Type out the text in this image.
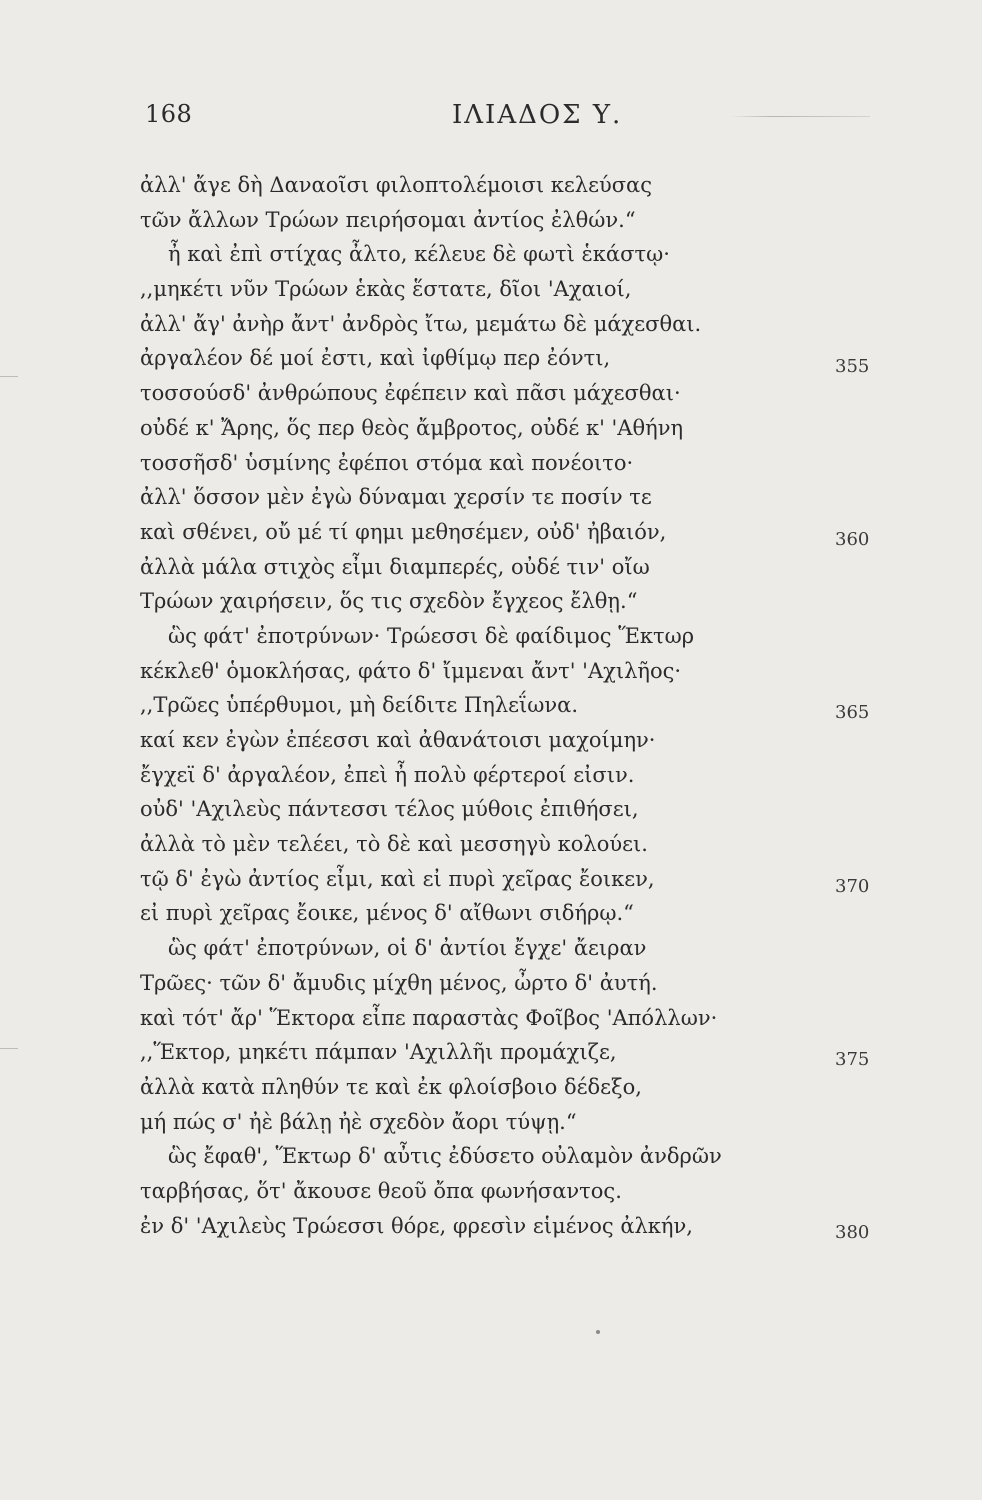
168	ΙΛΙΑΔΟΣ Υ.
ἀλλ' ἄγε δὴ Δαναοῖσι φιλοπτολέμοισι κελεύσας
τῶν ἄλλων Τρώων πειρήσομαι ἀντίος ἐλθών.“
ἦ καὶ ἐπὶ στίχας ἆλτο, κέλευε δὲ φωτὶ ἑκάστῳ·
,,μηκέτι νῦν Τρώων ἑκὰς ἕστατε, δῖοι 'Αχαιοί,
ἀλλ' ἄγ' ἀνὴρ ἄντ' ἀνδρὸς ἴτω, μεμάτω δὲ μάχεσθαι.
ἀργαλέον δέ μοί ἐστι, καὶ ἰφθίμῳ περ ἐόντι,
τοσσούσδ' ἀνθρώπους ἐφέπειν καὶ πᾶσι μάχεσθαι·
οὐδέ κ' Ἄρης, ὅς περ θεὸς ἄμβροτος, οὐδέ κ' 'Αθήνη
τοσσῆσδ' ὑσμίνης ἐφέποι στόμα καὶ πονέοιτο·
ἀλλ' ὅσσον μὲν ἐγὼ δύναμαι χερσίν τε ποσίν τε
καὶ σθένει, οὔ μέ τί φημι μεθησέμεν, οὐδ' ἠβαιόν,
ἀλλὰ μάλα στιχὸς εἶμι διαμπερές, οὐδέ τιν' οἴω
Τρώων χαιρήσειν, ὅς τις σχεδὸν ἔγχεος ἔλθῃ.“
ὣς φάτ' ἐποτρύνων· Τρώεσσι δὲ φαίδιμος Ἕκτωρ
κέκλεθ' ὁμοκλήσας, φάτο δ' ἴμμεναι ἄντ' 'Αχιλῆος·
,,Τρῶες ὑπέρθυμοι, μὴ δείδιτε Πηλεΐωνα.
καί κεν ἐγὼν ἐπέεσσι καὶ ἀθανάτοισι μαχοίμην·
ἔγχεϊ δ' ἀργαλέον, ἐπεὶ ἦ πολὺ φέρτεροί εἰσιν.
οὐδ' 'Αχιλεὺς πάντεσσι τέλος μύθοις ἐπιθήσει,
ἀλλὰ τὸ μὲν τελέει, τὸ δὲ καὶ μεσσηγὺ κολούει.
τῷ δ' ἐγὼ ἀντίος εἶμι, καὶ εἰ πυρὶ χεῖρας ἔοικεν,
εἰ πυρὶ χεῖρας ἔοικε, μένος δ' αἴθωνι σιδήρῳ.“
ὣς φάτ' ἐποτρύνων, οἱ δ' ἀντίοι ἔγχε' ἄειραν
Τρῶες· τῶν δ' ἄμυδις μίχθη μένος, ὦρτο δ' ἀυτή.
καὶ τότ' ἄρ' Ἕκτορα εἶπε παραστὰς Φοῖβος 'Απόλλων·
,,Ἕκτορ, μηκέτι πάμπαν 'Αχιλλῆι προμάχιζε,
ἀλλὰ κατὰ πληθύν τε καὶ ἐκ φλοίσβοιο δέδεξο,
μή πώς σ' ἠὲ βάλῃ ἠὲ σχεδὸν ἄορι τύψῃ.“
ὣς ἔφαθ', Ἕκτωρ δ' αὖτις ἐδύσετο οὐλαμὸν ἀνδρῶν
ταρβήσας, ὅτ' ἄκουσε θεοῦ ὄπα φωνήσαντος.
ἐν δ' 'Αχιλεὺς Τρώεσσι θόρε, φρεσὶν εἱμένος ἀλκήν,
355
360
365
370
375
380
